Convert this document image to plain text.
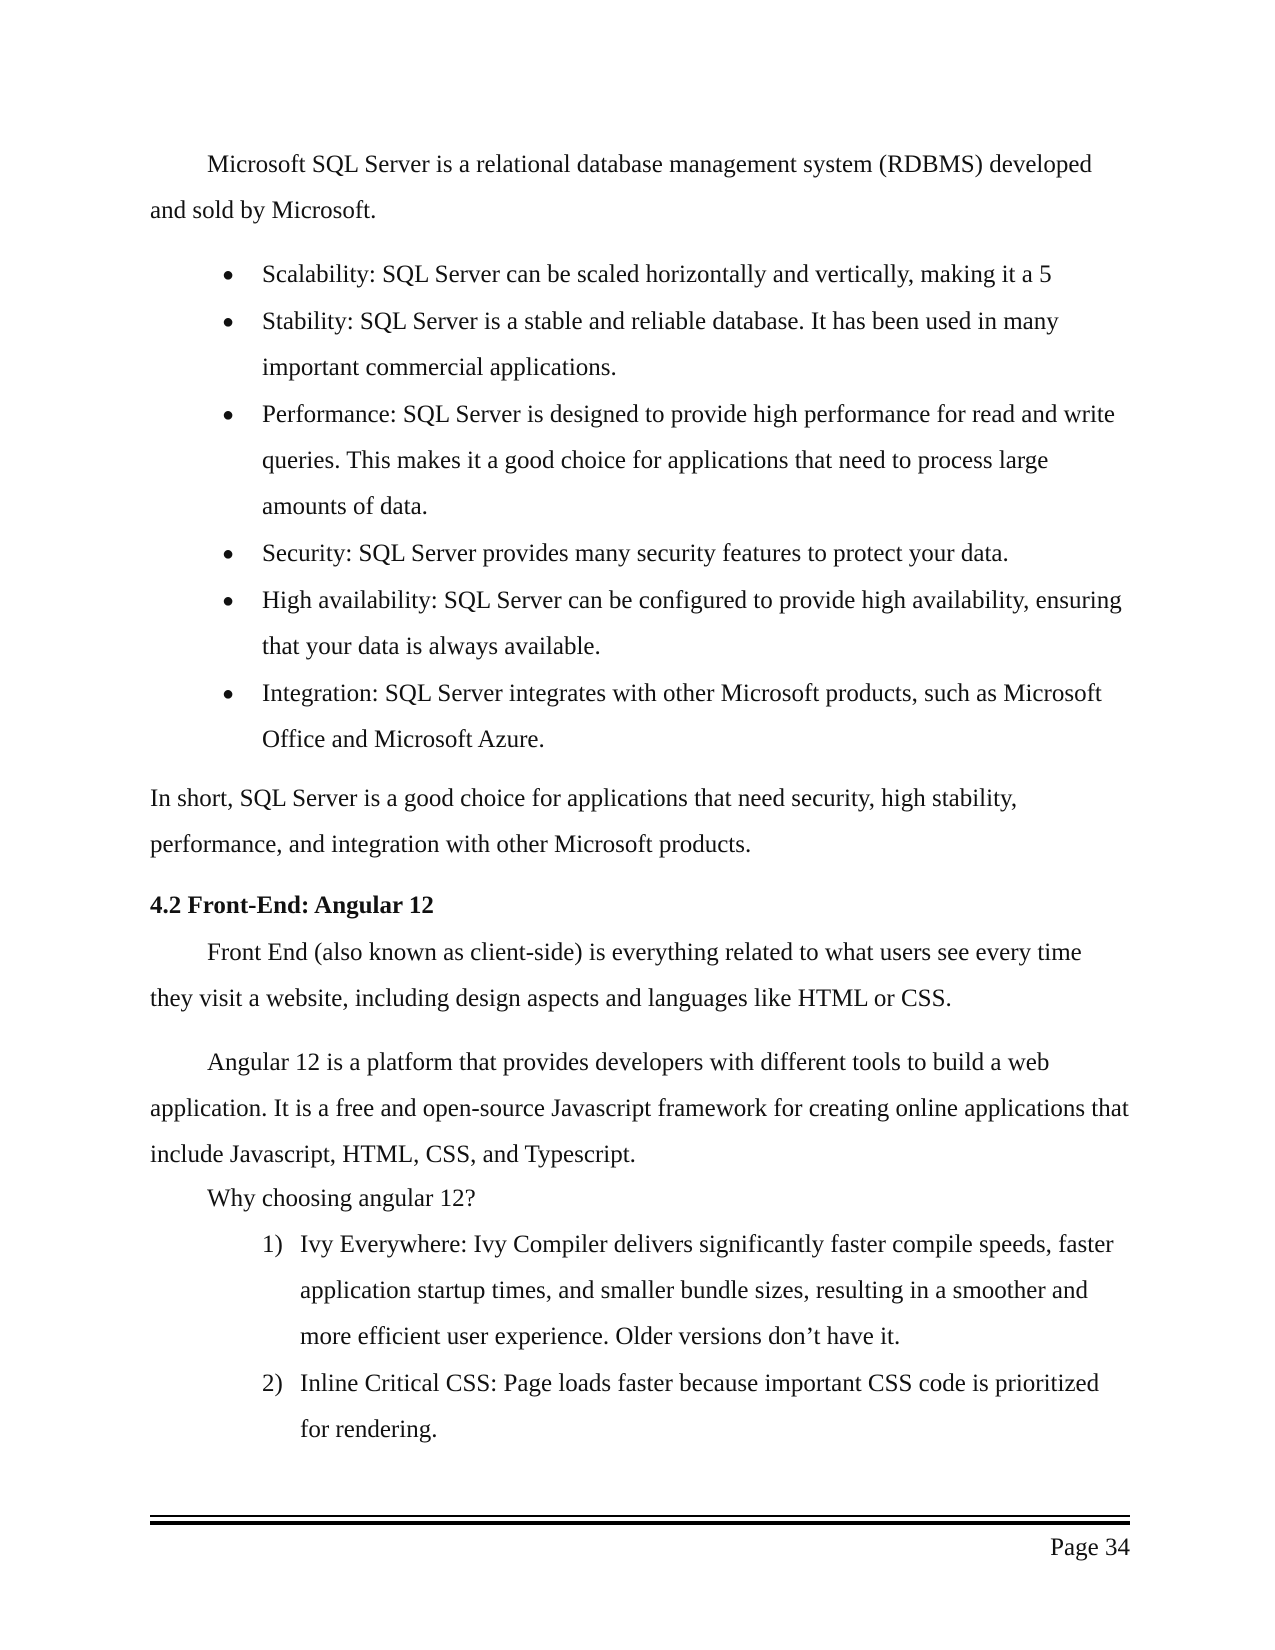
Microsoft SQL Server is a relational database management system (RDBMS) developed and sold by Microsoft.
● Scalability: SQL Server can be scaled horizontally and vertically, making it a 5
● Stability: SQL Server is a stable and reliable database. It has been used in many important commercial applications.
● Performance: SQL Server is designed to provide high performance for read and write queries. This makes it a good choice for applications that need to process large amounts of data.
● Security: SQL Server provides many security features to protect your data.
● High availability: SQL Server can be configured to provide high availability, ensuring that your data is always available.
● Integration: SQL Server integrates with other Microsoft products, such as Microsoft Office and Microsoft Azure.
In short, SQL Server is a good choice for applications that need security, high stability, performance, and integration with other Microsoft products.
4.2 Front-End: Angular 12
Front End (also known as client-side) is everything related to what users see every time they visit a website, including design aspects and languages like HTML or CSS.
Angular 12 is a platform that provides developers with different tools to build a web application. It is a free and open-source Javascript framework for creating online applications that include Javascript, HTML, CSS, and Typescript.
Why choosing angular 12?
1) Ivy Everywhere: Ivy Compiler delivers significantly faster compile speeds, faster application startup times, and smaller bundle sizes, resulting in a smoother and more efficient user experience. Older versions don’t have it.
2) Inline Critical CSS: Page loads faster because important CSS code is prioritized for rendering.
Page 34
